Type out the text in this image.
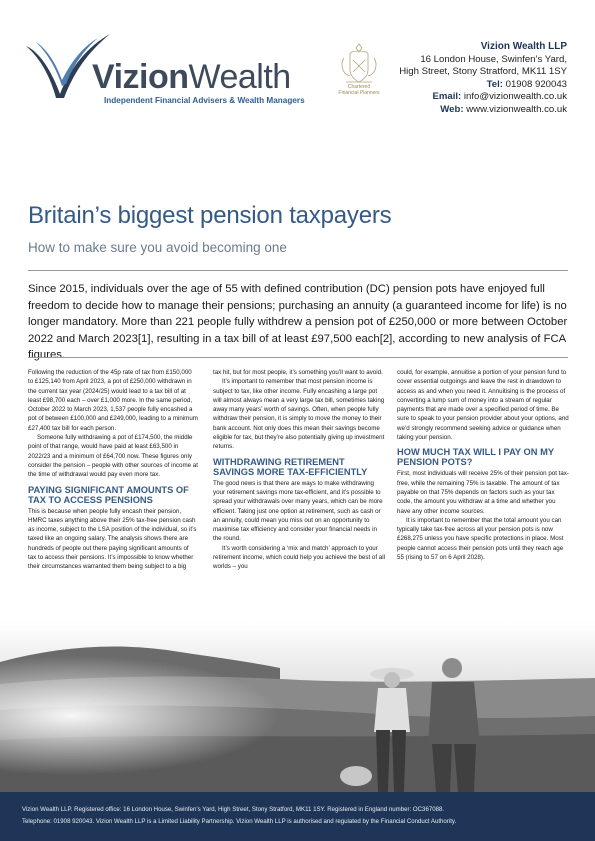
VizionWealth
Independent Financial Advisers & Wealth Managers
Chartered Financial Planners
Vizion Wealth LLP
16 London House, Swinfen’s Yard,
High Street, Stony Stratford, MK11 1SY
Tel: 01908 920043
Email: info@vizionwealth.co.uk
Web: www.vizionwealth.co.uk
Britain’s biggest pension taxpayers
How to make sure you avoid becoming one
Since 2015, individuals over the age of 55 with defined contribution (DC) pension pots have enjoyed full freedom to decide how to manage their pensions; purchasing an annuity (a guaranteed income for life) is no longer mandatory. More than 221 people fully withdrew a pension pot of £250,000 or more between October 2022 and March 2023[1], resulting in a tax bill of at least £97,500 each[2], according to new analysis of FCA figures.

Following the reduction of the 45p rate of tax from £150,000 to £125,140 from April 2023, a pot of £250,000 withdrawn in the current tax year (2024/25) would lead to a tax bill of at least £98,700 each – over £1,000 more. In the same period, October 2022 to March 2023, 1,537 people fully encashed a pot of between £100,000 and £249,000, leading to a minimum £27,400 tax bill for each person.

Someone fully withdrawing a pot of £174,500, the middle point of that range, would have paid at least £63,500 in 2022/23 and a minimum of £64,700 now. These figures only consider the pension – people with other sources of income at the time of withdrawal would pay even more tax.

PAYING SIGNIFICANT AMOUNTS OF TAX TO ACCESS PENSIONS

This is because when people fully encash their pension, HMRC taxes anything above their 25% tax-free pension cash as income, subject to the LSA position of the individual, so it’s taxed like an ongoing salary. The analysis shows there are hundreds of people out there paying significant amounts of tax to access their pensions. It’s impossible to know whether their circumstances warranted them being subject to a big

tax hit, but for most people, it’s something you’ll want to avoid.

It’s important to remember that most pension income is subject to tax, like other income. Fully encashing a large pot will almost always mean a very large tax bill, sometimes taking away many years’ worth of savings. Often, when people fully withdraw their pension, it is simply to move the money to their bank account. Not only does this mean their savings become eligible for tax, but they’re also potentially giving up investment returns.

WITHDRAWING RETIREMENT SAVINGS MORE TAX-EFFICIENTLY

The good news is that there are ways to make withdrawing your retirement savings more tax-efficient, and it’s possible to spread your withdrawals over many years, which can be more efficient. Taking just one option at retirement, such as cash or an annuity, could mean you miss out on an opportunity to maximise tax efficiency and consider your financial needs in the round.

It’s worth considering a ‘mix and match’ approach to your retirement income, which could help you achieve the best of all worlds – you

could, for example, annuitise a portion of your pension fund to cover essential outgoings and leave the rest in drawdown to access as and when you need it. Annuitising is the process of converting a lump sum of money into a stream of regular payments that are made over a specified period of time. Be sure to speak to your pension provider about your options, and we’d strongly recommend seeking advice or guidance when taking your pension.

HOW MUCH TAX WILL I PAY ON MY PENSION POTS?

First, most individuals will receive 25% of their pension pot tax-free, while the remaining 75% is taxable. The amount of tax payable on that 75% depends on factors such as your tax code, the amount you withdraw at a time and whether you have any other income sources.

It is important to remember that the total amount you can typically take tax-free across all your pension pots is now £268,275 unless you have specific protections in place. Most people cannot access their pension pots until they reach age 55 (rising to 57 on 6 April 2028).

Vizion Wealth LLP. Registered office: 16 London House, Swinfen’s Yard, High Street, Stony Stratford, MK11 1SY. Registered in England number: OC367088.
Telephone: 01908 920043. Vizion Wealth LLP is a Limited Liability Partnership. Vizion Wealth LLP is authorised and regulated by the Financial Conduct Authority.
